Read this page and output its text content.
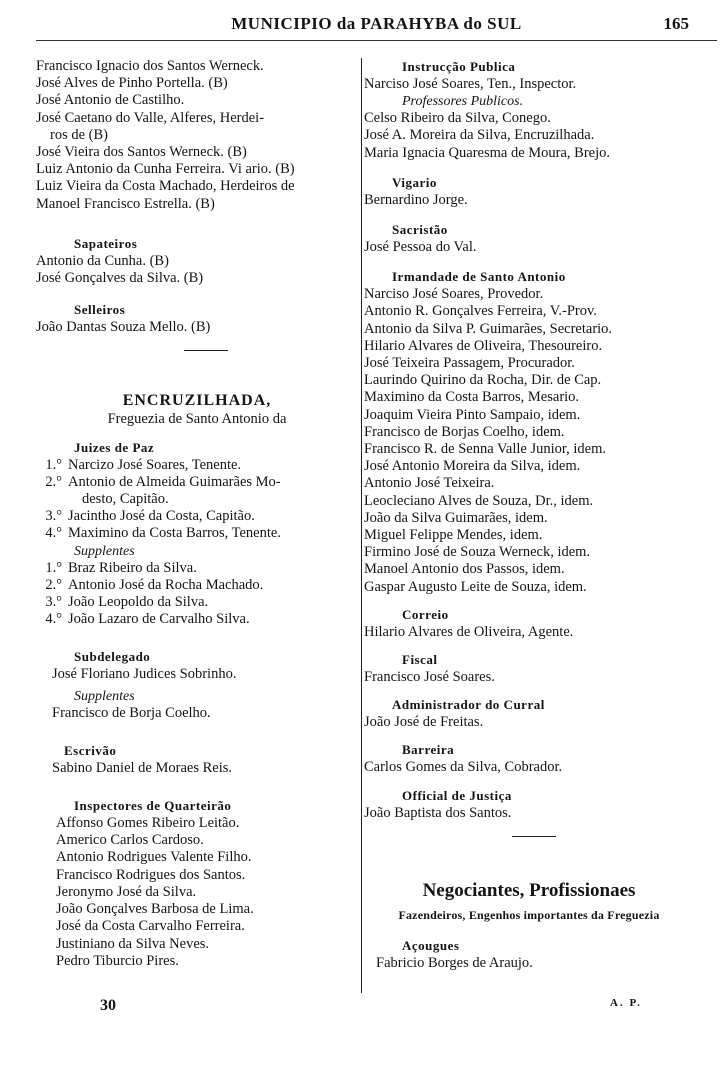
MUNICIPIO da PARAHYBA do SUL	165
Francisco Ignacio dos Santos Werneck.
José Alves de Pinho Portella. (B)
José Antonio de Castilho.
José Caetano do Valle, Alferes, Herdei-
ros de (B)
José Vieira dos Santos Werneck. (B)
Luiz Antonio da Cunha Ferreira. Vi ario. (B)
Luiz Vieira da Costa Machado, Herdeiros de
Manoel Francisco Estrella. (B)
Sapateiros
Antonio da Cunha. (B)
José Gonçalves da Silva. (B)
Selleiros
João Dantas Souza Mello. (B)
ENCRUZILHADA,
Freguezia de Santo Antonio da
Juizes de Paz
1.° Narcizo José Soares, Tenente.
2.° Antonio de Almeida Guimarães Mo-
desto, Capitão.
3.° Jacintho José da Costa, Capitão.
4.° Maximino da Costa Barros, Tenente.
Supplentes
1.° Braz Ribeiro da Silva.
2.° Antonio José da Rocha Machado.
3.° João Leopoldo da Silva.
4.° João Lazaro de Carvalho Silva.
Subdelegado
José Floriano Judices Sobrinho.
Supplentes
Francisco de Borja Coelho.
Escrivão
Sabino Daniel de Moraes Reis.
Inspectores de Quarteirão
Affonso Gomes Ribeiro Leitão.
Americo Carlos Cardoso.
Antonio Rodrigues Valente Filho.
Francisco Rodrigues dos Santos.
Jeronymo José da Silva.
João Gonçalves Barbosa de Lima.
José da Costa Carvalho Ferreira.
Justiniano da Silva Neves.
Pedro Tiburcio Pires.
Instrucção Publica
Narciso José Soares, Ten., Inspector.
Professores Publicos.
Celso Ribeiro da Silva, Conego.
José A. Moreira da Silva, Encruzilhada.
Maria Ignacia Quaresma de Moura, Brejo.
Vigario
Bernardino Jorge.
Sacristão
José Pessoa do Val.
Irmandade de Santo Antonio
Narciso José Soares, Provedor.
Antonio R. Gonçalves Ferreira, V.-Prov.
Antonio da Silva P. Guimarães, Secretario.
Hilario Alvares de Oliveira, Thesoureiro.
José Teixeira Passagem, Procurador.
Laurindo Quirino da Rocha, Dir. de Cap.
Maximino da Costa Barros, Mesario.
Joaquim Vieira Pinto Sampaio, idem.
Francisco de Borjas Coelho, idem.
Francisco R. de Senna Valle Junior, idem.
José Antonio Moreira da Silva, idem.
Antonio José Teixeira.
Leocleciano Alves de Souza, Dr., idem.
João da Silva Guimarães, idem.
Miguel Felippe Mendes, idem.
Firmino José de Souza Werneck, idem.
Manoel Antonio dos Passos, idem.
Gaspar Augusto Leite de Souza, idem.
Correio
Hilario Alvares de Oliveira, Agente.
Fiscal
Francisco José Soares.
Administrador do Curral
João José de Freitas.
Barreira
Carlos Gomes da Silva, Cobrador.
Official de Justiça
João Baptista dos Santos.
Negociantes, Profissionaes
Fazendeiros, Engenhos importantes da Freguezia
Açougues
Fabricio Borges de Araujo.
30	A. P.
